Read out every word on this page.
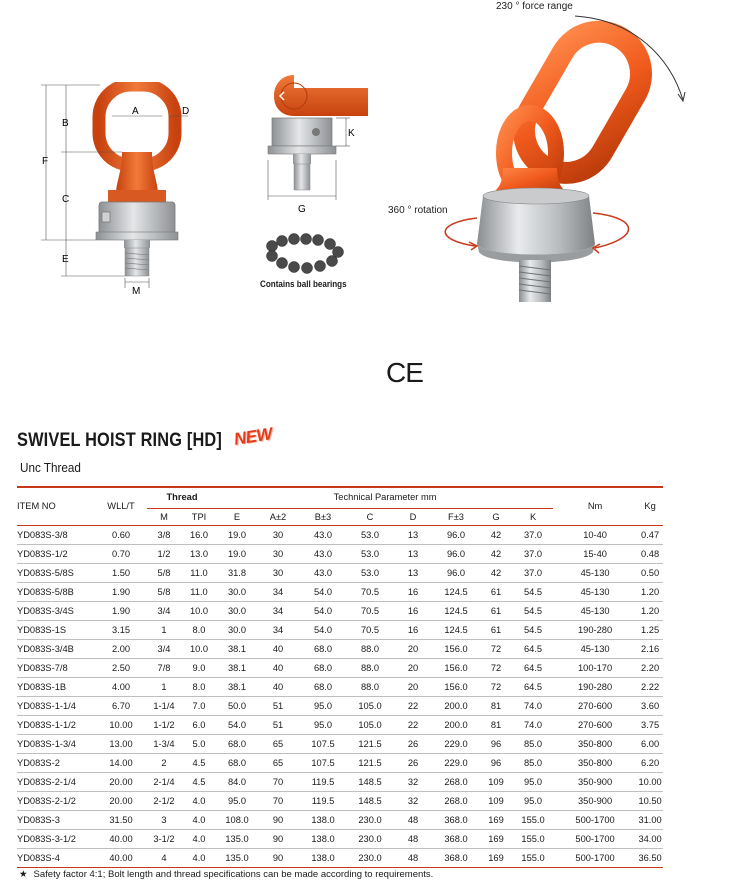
B
F
C
E
A	D
M
G
K
Contains ball bearings
230 ° force range
360 ° rotation
CE
SWIVEL HOIST RING [HD] NEW
Unc Thread
ITEM NO	WLL/T	Thread		Technical Parameter mm								Nm	Kg
		M	TPI	E	A±2	B±3	C	D	F±3	G	K		
YD083S-3/8	0.60	3/8	16.0	19.0	30	43.0	53.0	13	96.0	42	37.0	10-40	0.47
YD083S-1/2	0.70	1/2	13.0	19.0	30	43.0	53.0	13	96.0	42	37.0	15-40	0.48
YD083S-5/8S	1.50	5/8	11.0	31.8	30	43.0	53.0	13	96.0	42	37.0	45-130	0.50
YD083S-5/8B	1.90	5/8	11.0	30.0	34	54.0	70.5	16	124.5	61	54.5	45-130	1.20
YD083S-3/4S	1.90	3/4	10.0	30.0	34	54.0	70.5	16	124.5	61	54.5	45-130	1.20
YD083S-1S	3.15	1	8.0	30.0	34	54.0	70.5	16	124.5	61	54.5	190-280	1.25
YD083S-3/4B	2.00	3/4	10.0	38.1	40	68.0	88.0	20	156.0	72	64.5	45-130	2.16
YD083S-7/8	2.50	7/8	9.0	38.1	40	68.0	88.0	20	156.0	72	64.5	100-170	2.20
YD083S-1B	4.00	1	8.0	38.1	40	68.0	88.0	20	156.0	72	64.5	190-280	2.22
YD083S-1-1/4	6.70	1-1/4	7.0	50.0	51	95.0	105.0	22	200.0	81	74.0	270-600	3.60
YD083S-1-1/2	10.00	1-1/2	6.0	54.0	51	95.0	105.0	22	200.0	81	74.0	270-600	3.75
YD083S-1-3/4	13.00	1-3/4	5.0	68.0	65	107.5	121.5	26	229.0	96	85.0	350-800	6.00
YD083S-2	14.00	2	4.5	68.0	65	107.5	121.5	26	229.0	96	85.0	350-800	6.20
YD083S-2-1/4	20.00	2-1/4	4.5	84.0	70	119.5	148.5	32	268.0	109	95.0	350-900	10.00
YD083S-2-1/2	20.00	2-1/2	4.0	95.0	70	119.5	148.5	32	268.0	109	95.0	350-900	10.50
YD083S-3	31.50	3	4.0	108.0	90	138.0	230.0	48	368.0	169	155.0	500-1700	31.00
YD083S-3-1/2	40.00	3-1/2	4.0	135.0	90	138.0	230.0	48	368.0	169	155.0	500-1700	34.00
YD083S-4	40.00	4	4.0	135.0	90	138.0	230.0	48	368.0	169	155.0	500-1700	36.50
★ Safety factor 4:1; Bolt length and thread specifications can be made according to requirements.
